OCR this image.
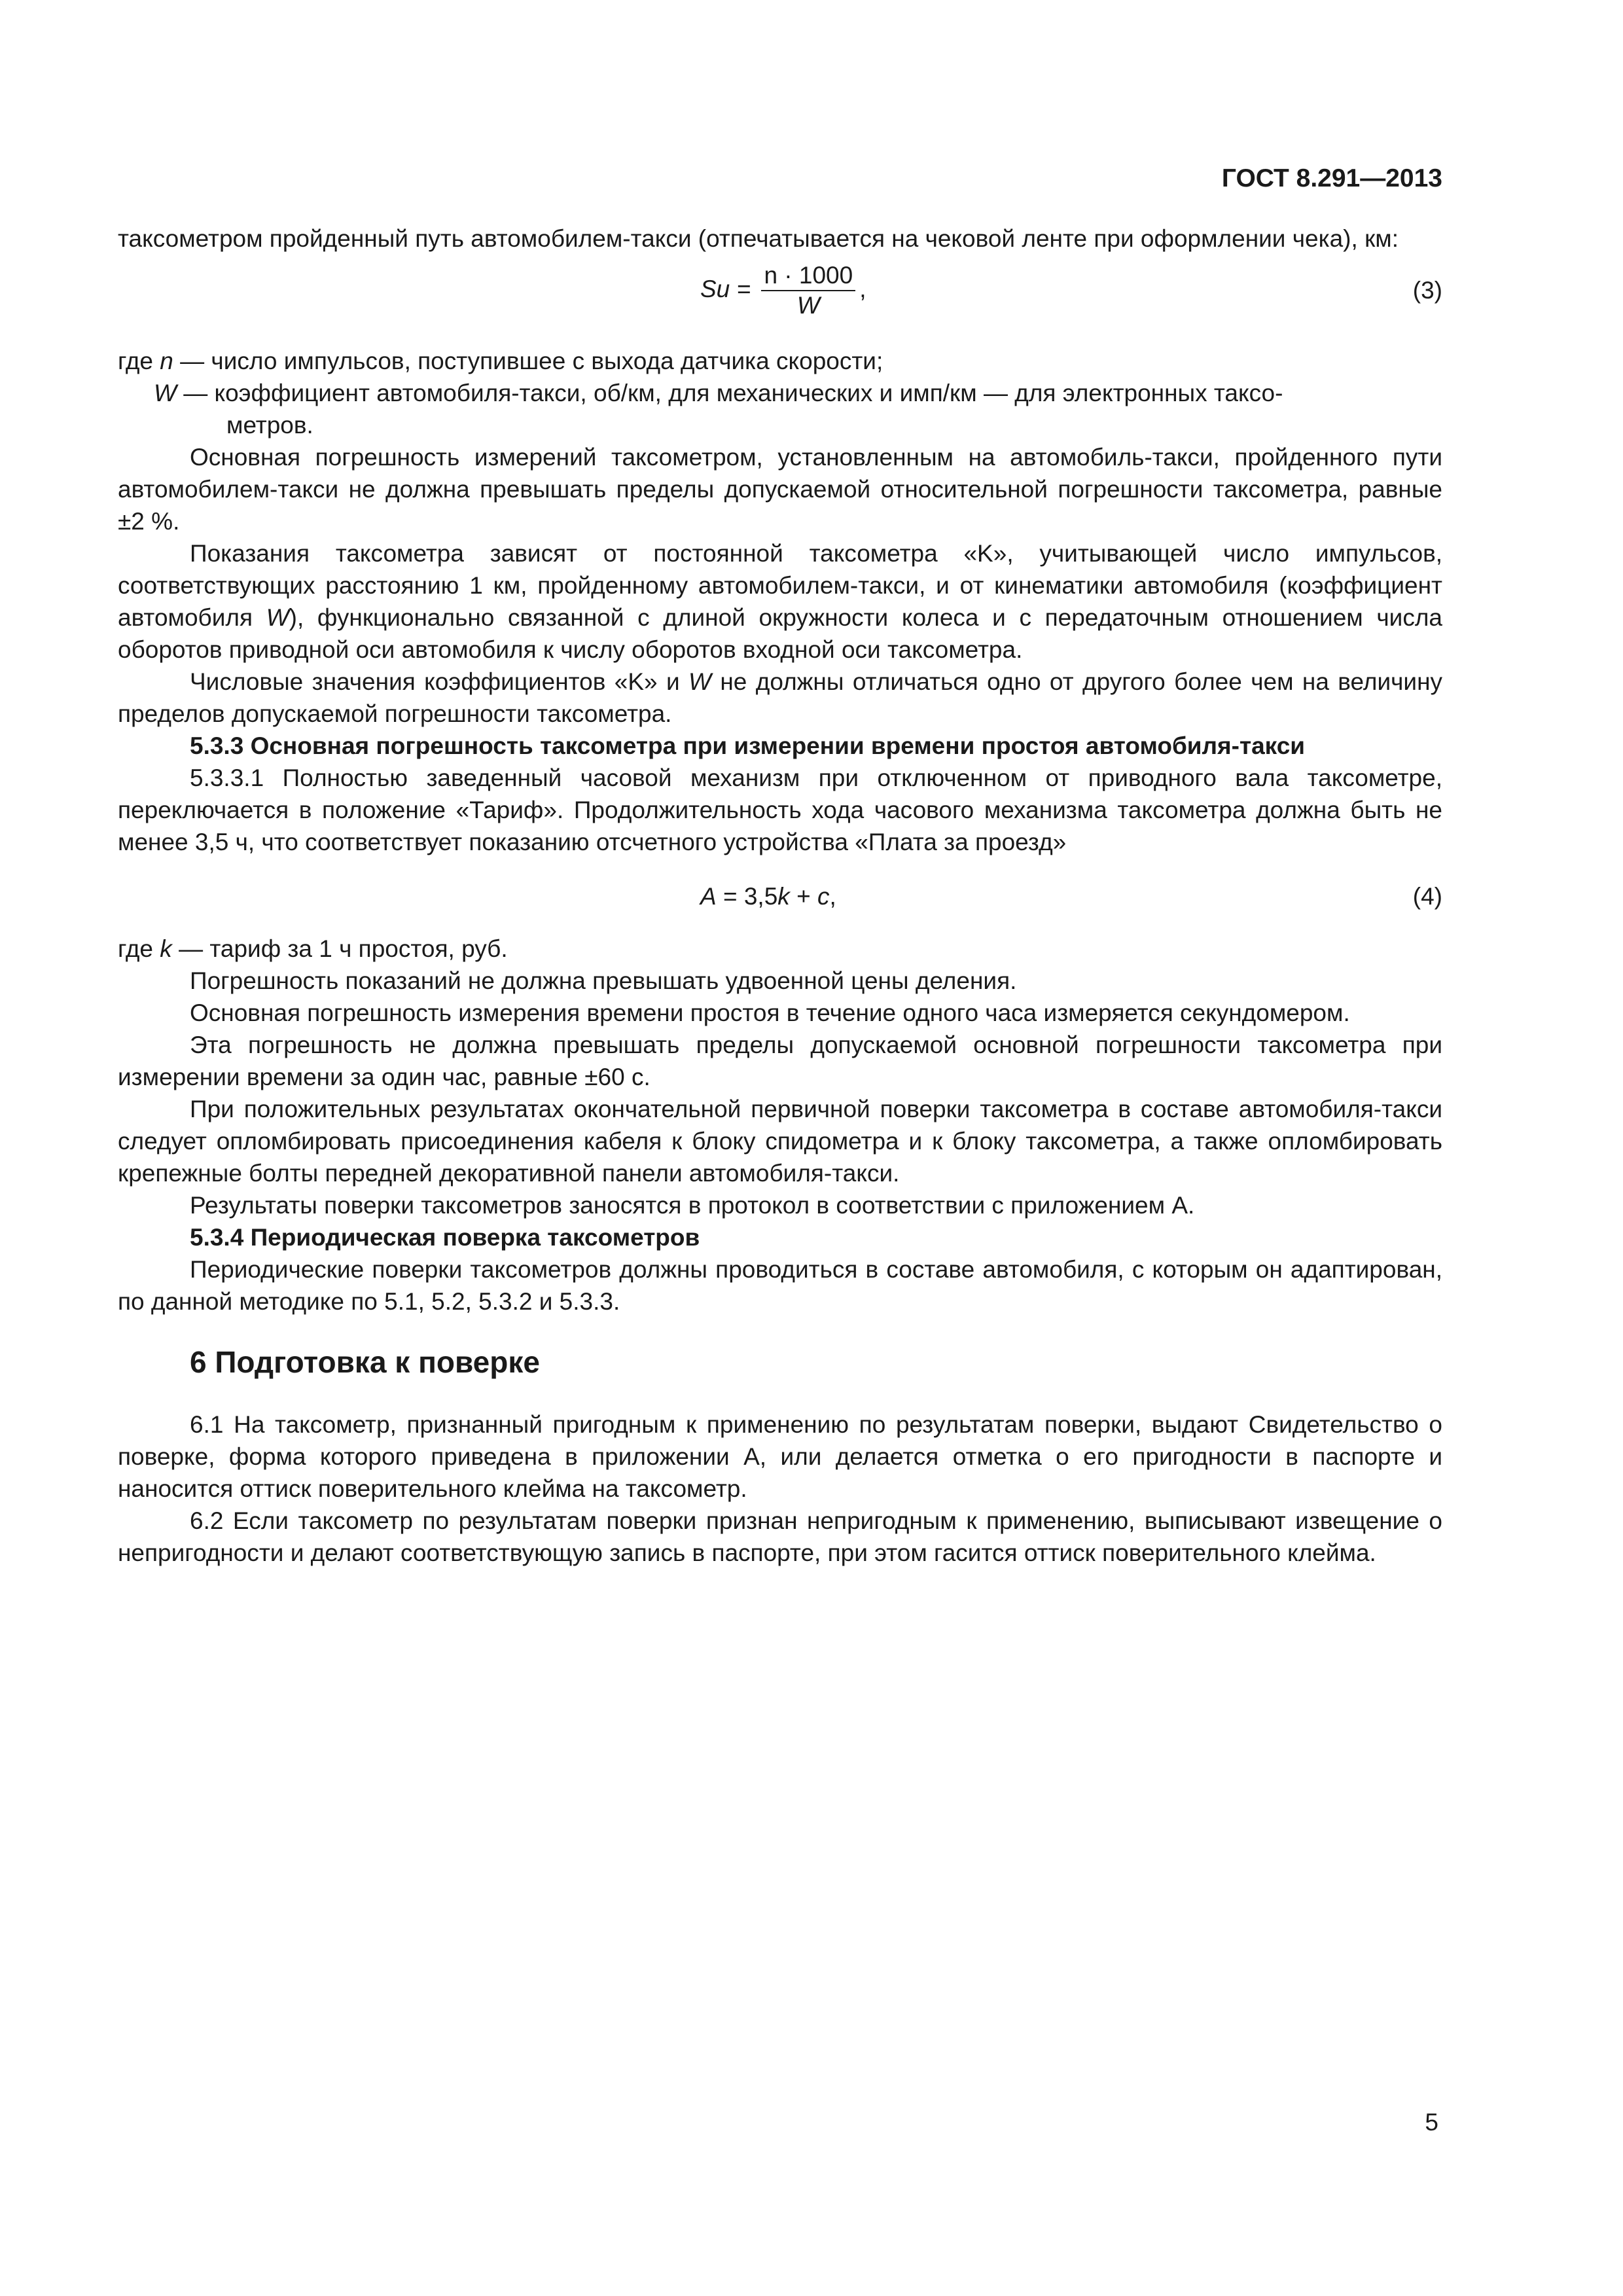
ГОСТ 8.291—2013

таксометром пройденный путь автомобилем-такси (отпечатывается на чековой ленте при оформлении чека), км:

$Su = \frac{n \cdot 1000}{W}$ ,	(3)
где n — число импульсов, поступившее с выхода датчика скорости;
W — коэффициент автомобиля-такси, об/км, для механических и имп/км — для электронных таксо-
метров.

Основная погрешность измерений таксометром, установленным на автомобиль-такси, пройденного пути автомобилем-такси не должна превышать пределы допускаемой относительной погрешности таксометра, равные ±2 %.

Показания таксометра зависят от постоянной таксометра «K», учитывающей число импульсов, соответствующих расстоянию 1 км, пройденному автомобилем-такси, и от кинематики автомобиля (коэффициент автомобиля W), функционально связанной с длиной окружности колеса и с передаточным отношением числа оборотов приводной оси автомобиля к числу оборотов входной оси таксометра.

Числовые значения коэффициентов «K» и W не должны отличаться одно от другого более чем на величину пределов допускаемой погрешности таксометра.

5.3.3 Основная погрешность таксометра при измерении времени простоя автомобиля-такси

5.3.3.1 Полностью заведенный часовой механизм при отключенном от приводного вала таксометре, переключается в положение «Тариф». Продолжительность хода часового механизма таксометра должна быть не менее 3,5 ч, что соответствует показанию отсчетного устройства «Плата за проезд»

A = 3,5k + c,	(4)
где k — тариф за 1 ч простоя, руб.

Погрешность показаний не должна превышать удвоенной цены деления.

Основная погрешность измерения времени простоя в течение одного часа измеряется секундомером.

Эта погрешность не должна превышать пределы допускаемой основной погрешности таксометра при измерении времени за один час, равные ±60 с.

При положительных результатах окончательной первичной поверки таксометра в составе автомобиля-такси следует опломбировать присоединения кабеля к блоку спидометра и к блоку таксометра, а также опломбировать крепежные болты передней декоративной панели автомобиля-такси.

Результаты поверки таксометров заносятся в протокол в соответствии с приложением А.

5.3.4 Периодическая поверка таксометров

Периодические поверки таксометров должны проводиться в составе автомобиля, с которым он адаптирован, по данной методике по 5.1, 5.2, 5.3.2 и 5.3.3.

6 Подготовка к поверке

6.1 На таксометр, признанный пригодным к применению по результатам поверки, выдают Свидетельство о поверке, форма которого приведена в приложении А, или делается отметка о его пригодности в паспорте и наносится оттиск поверительного клейма на таксометр.

6.2 Если таксометр по результатам поверки признан непригодным к применению, выписывают извещение о непригодности и делают соответствующую запись в паспорте, при этом гасится оттиск поверительного клейма.

5
